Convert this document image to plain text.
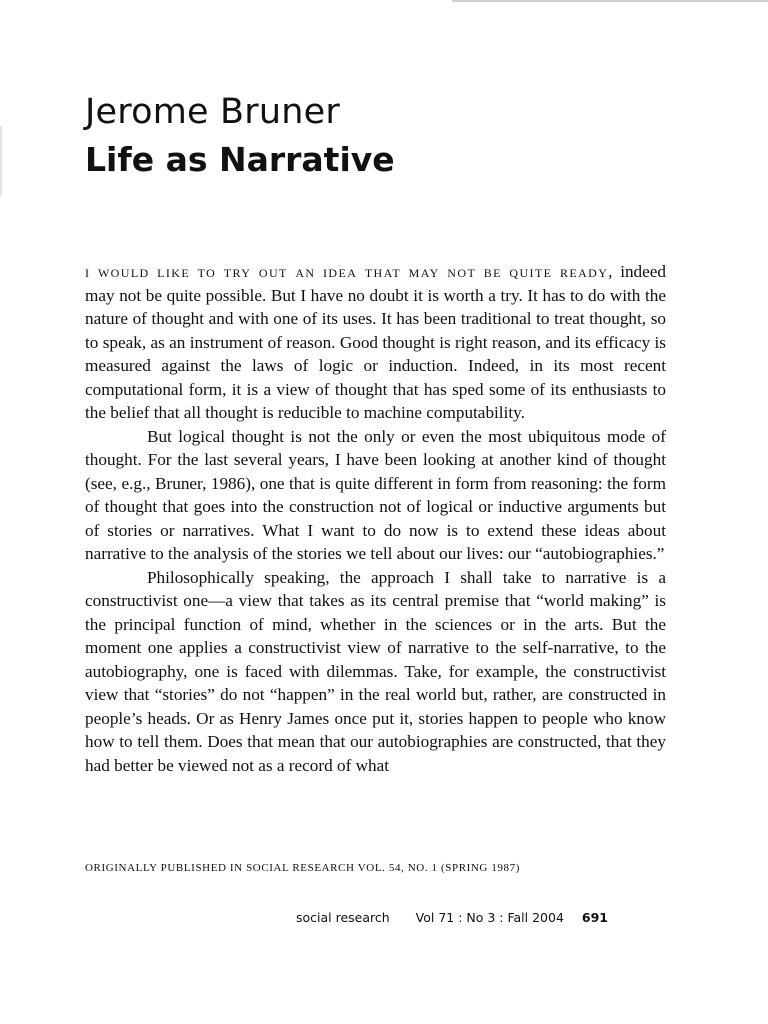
Jerome Bruner
Life as Narrative

i would like to try out an idea that may not be quite ready, indeed may not be quite possible. But I have no doubt it is worth a try. It has to do with the nature of thought and with one of its uses. It has been traditional to treat thought, so to speak, as an instrument of reason. Good thought is right reason, and its efficacy is measured against the laws of logic or induction. Indeed, in its most recent computational form, it is a view of thought that has sped some of its enthusiasts to the belief that all thought is reducible to machine computability.

But logical thought is not the only or even the most ubiquitous mode of thought. For the last several years, I have been looking at another kind of thought (see, e.g., Bruner, 1986), one that is quite different in form from reasoning: the form of thought that goes into the construction not of logical or inductive arguments but of stories or narratives. What I want to do now is to extend these ideas about narrative to the analysis of the stories we tell about our lives: our “autobiographies.”

Philosophically speaking, the approach I shall take to narrative is a constructivist one—a view that takes as its central premise that “world making” is the principal function of mind, whether in the sciences or in the arts. But the moment one applies a constructivist view of narrative to the self-narrative, to the autobiography, one is faced with dilemmas. Take, for example, the constructivist view that “stories” do not “happen” in the real world but, rather, are constructed in people’s heads. Or as Henry James once put it, stories happen to people who know how to tell them. Does that mean that our autobiographies are constructed, that they had better be viewed not as a record of what

ORIGINALLY PUBLISHED IN SOCIAL RESEARCH VOL. 54, NO. 1 (SPRING 1987)
social research Vol 71 : No 3 : Fall 2004 691
